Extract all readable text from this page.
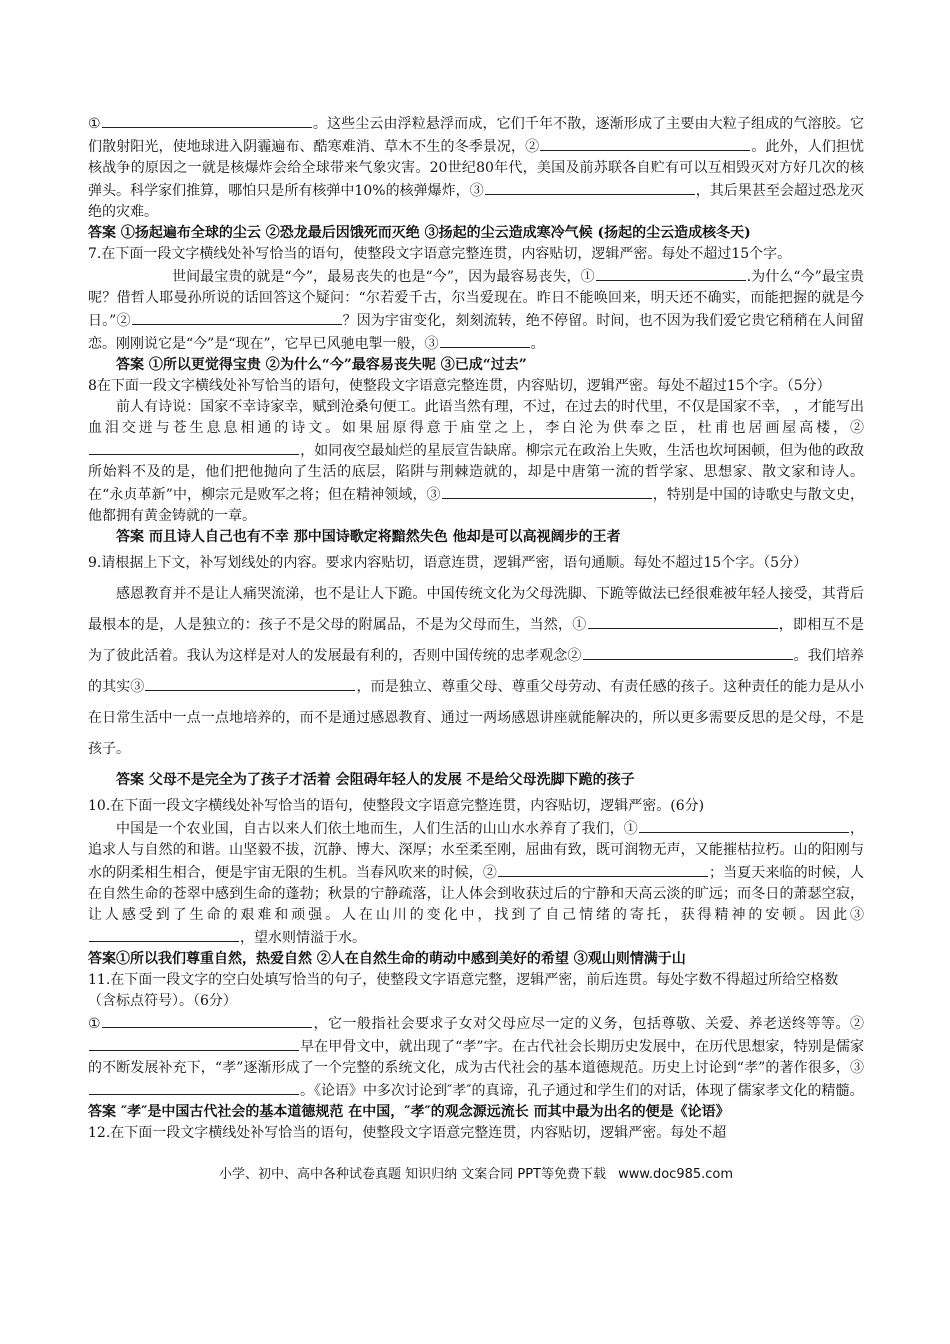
①	。这些尘云由浮粒悬浮而成，它们千年不散，逐渐形成了主要由大粒子组成的气溶胶。它们散射阳光，使地球进入阴霾遍布、酷寒难消、草木不生的冬季景况，②	。此外，人们担忧核战争的原因之一就是核爆炸会给全球带来气象灾害。20世纪80年代，美国及前苏联各自贮有可以互相毁灭对方好几次的核弹头。科学家们推算，哪怕只是所有核弹中10%的核弹爆炸，③	，其后果甚至会超过恐龙灭绝的灾难。

答案 ①扬起遍布全球的尘云 ②恐龙最后因饿死而灭绝 ③扬起的尘云造成寒冷气候 (扬起的尘云造成核冬天)

7.在下面一段文字横线处补写恰当的语句，使整段文字语意完整连贯，内容贴切，逻辑严密。每处不超过15个字。

世间最宝贵的就是“今”，最易丧失的也是“今”，因为最容易丧失，①	.为什么“今”最宝贵呢？借哲人耶曼孙所说的话回答这个疑问：“尔若爱千古，尔当爱现在。昨日不能唤回来，明天还不确实，而能把握的就是今日。”②	？因为宇宙变化，刻刻流转，绝不停留。时间，也不因为我们爱它贵它稍稍在人间留恋。刚刚说它是“今”是“现在”，它早已风驰电掣一般，③	。

答案 ①所以更觉得宝贵 ②为什么“今”最容易丧失呢 ③已成“过去”

8在下面一段文字横线处补写恰当的语句，使整段文字语意完整连贯，内容贴切，逻辑严密。每处不超过15个字。（5分）

前人有诗说：国家不幸诗家幸，赋到沧桑句便工。此语当然有理，不过，在过去的时代里，不仅是国家不幸， ，才能写出血泪交迸与苍生息息相通的诗文。如果屈原得意于庙堂之上，李白沦为供奉之臣，杜甫也居画屋高楼，②，如同夜空最灿烂的星辰宣告缺席。柳宗元在政治上失败，生活也坎坷困顿，但为他的政敌所始料不及的是，他们把他抛向了生活的底层，陷阱与荆棘造就的，却是中唐第一流的哲学家、思想家、散文家和诗人。在“永贞革新”中，柳宗元是败军之将；但在精神领域，③	，特别是中国的诗歌史与散文史，他都拥有黄金铸就的一章。

答案 而且诗人自己也有不幸 那中国诗歌定将黯然失色 他却是可以高视阔步的王者

9.请根据上下文，补写划线处的内容。要求内容贴切，语意连贯，逻辑严密，语句通顺。每处不超过15个字。（5分）

感恩教育并不是让人痛哭流涕，也不是让人下跪。中国传统文化为父母洗脚、下跪等做法已经很难被年轻人接受，其背后最根本的是，人是独立的：孩子不是父母的附属品，不是为父母而生，当然，①	，即相互不是为了彼此活着。我认为这样是对人的发展最有利的，否则中国传统的忠孝观念②	。我们培养的其实③	，而是独立、尊重父母、尊重父母劳动、有责任感的孩子。这种责任的能力是从小在日常生活中一点一点地培养的，而不是通过感恩教育、通过一两场感恩讲座就能解决的，所以更多需要反思的是父母，不是孩子。

答案 父母不是完全为了孩子才活着 会阻碍年轻人的发展 不是给父母洗脚下跪的孩子

10.在下面一段文字横线处补写恰当的语句，使整段文字语意完整连贯，内容贴切，逻辑严密。(6分)

中国是一个农业国，自古以来人们依土地而生，人们生活的山山水水养育了我们，①	，追求人与自然的和谐。山坚毅不拔，沉静、博大、深厚；水至柔至刚，屈曲有致，既可润物无声，又能摧枯拉朽。山的阳刚与水的阴柔相生相合，便是宇宙无限的生机。当春风吹来的时候，②	；当夏天来临的时候，人在自然生命的苍翠中感到生命的蓬勃；秋景的宁静疏落，让人体会到收获过后的宁静和天高云淡的旷远；而冬日的萧瑟空寂，让人感受到了生命的艰难和顽强。人在山川的变化中，找到了自己情绪的寄托，获得精神的安顿。因此③，望水则情溢于水。

答案①所以我们尊重自然，热爱自然 ②人在自然生命的萌动中感到美好的希望 ③观山则情满于山

11.在下面一段文字的空白处填写恰当的句子，使整段文字语意完整，逻辑严密，前后连贯。每处字数不得超过所给空格数（含标点符号）。（6分）

①	，它一般指社会要求子女对父母应尽一定的义务，包括尊敬、关爱、养老送终等等。②早在甲骨文中，就出现了“孝”字。在古代社会长期历史发展中，在历代思想家，特别是儒家的不断发展补充下，“孝”逐渐形成了一个完整的系统文化，成为古代社会的基本道德规范。历史上讨论到“孝”的著作很多，③。《论语》中多次讨论到″孝″的真谛，孔子通过和学生们的对话，体现了儒家孝文化的精髓。

答案 ″孝″是中国古代社会的基本道德规范 在中国，″孝″的观念源远流长 而其中最为出名的便是《论语》

12.在下面一段文字横线处补写恰当的语句，使整段文字语意完整连贯，内容贴切，逻辑严密。每处不超

小学、初中、高中各种试卷真题 知识归纳 文案合同 PPT等免费下载 www.doc985.com
